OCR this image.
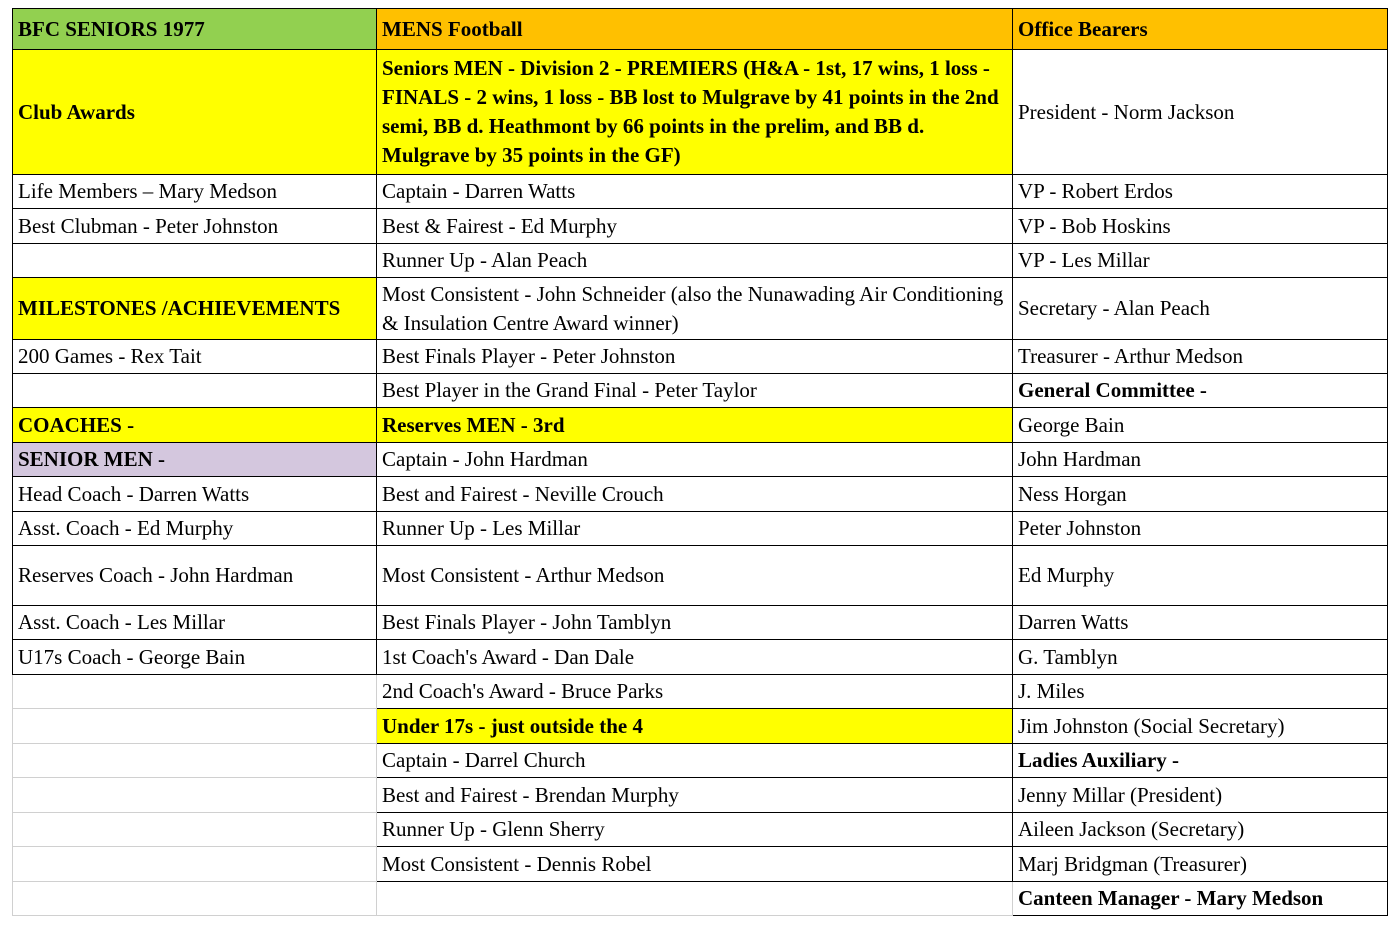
BFC SENIORS 1977	MENS Football	Office Bearers
Club Awards	Seniors MEN - Division 2 - PREMIERS (H&A - 1st, 17 wins, 1 loss - FINALS - 2 wins, 1 loss - BB lost to Mulgrave by 41 points in the 2nd semi, BB d. Heathmont by 66 points in the prelim, and BB d. Mulgrave by 35 points in the GF)	President - Norm Jackson
Life Members – Mary Medson	Captain - Darren Watts	VP - Robert Erdos
Best Clubman - Peter Johnston	Best & Fairest - Ed Murphy	VP - Bob Hoskins
	Runner Up - Alan Peach	VP - Les Millar
MILESTONES /ACHIEVEMENTS	Most Consistent - John Schneider (also the Nunawading Air Conditioning & Insulation Centre Award winner)	Secretary - Alan Peach
200 Games - Rex Tait	Best Finals Player - Peter Johnston	Treasurer - Arthur Medson
	Best Player in the Grand Final - Peter Taylor	General Committee -
COACHES -	Reserves MEN - 3rd	George Bain
SENIOR MEN -	Captain - John Hardman	John Hardman
Head Coach - Darren Watts	Best and Fairest - Neville Crouch	Ness Horgan
Asst. Coach - Ed Murphy	Runner Up - Les Millar	Peter Johnston
Reserves Coach - John Hardman	Most Consistent - Arthur Medson	Ed Murphy
Asst. Coach - Les Millar	Best Finals Player - John Tamblyn	Darren Watts
U17s Coach - George Bain	1st Coach's Award - Dan Dale	G. Tamblyn
	2nd Coach's Award - Bruce Parks	J. Miles
	Under 17s - just outside the 4	Jim Johnston (Social Secretary)
	Captain - Darrel Church	Ladies Auxiliary -
	Best and Fairest - Brendan Murphy	Jenny Millar (President)
	Runner Up - Glenn Sherry	Aileen Jackson (Secretary)
	Most Consistent - Dennis Robel	Marj Bridgman (Treasurer)
		Canteen Manager - Mary Medson
